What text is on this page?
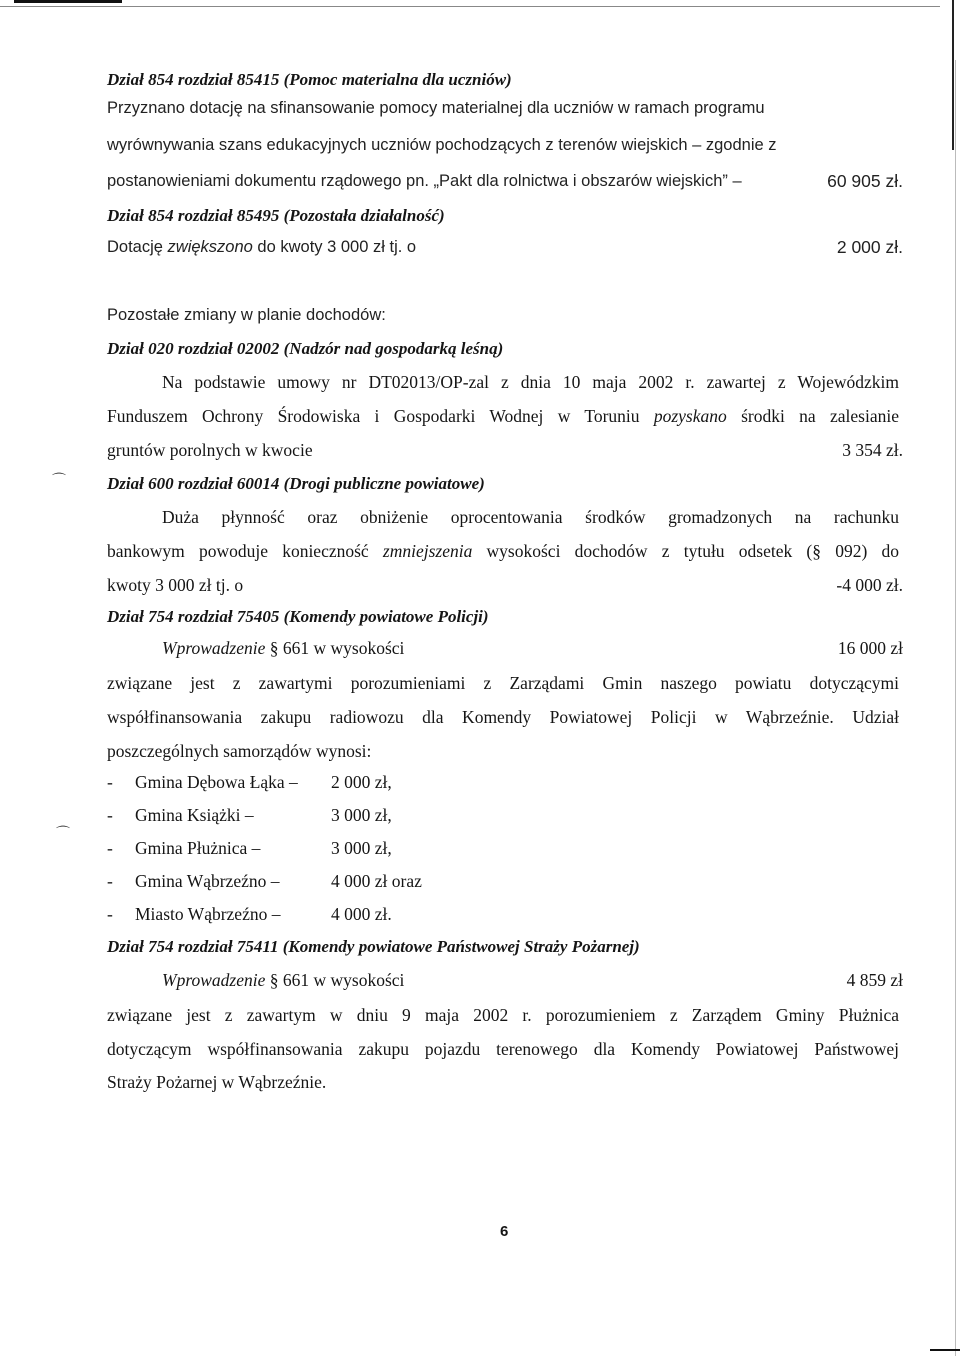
⌒
⌒
Dział 854 rozdział 85415 (Pomoc materialna dla uczniów)
Przyznano dotację na sfinansowanie pomocy materialnej dla uczniów w ramach programu
wyrównywania szans edukacyjnych uczniów pochodzących z terenów wiejskich – zgodnie z
postanowieniami dokumentu rządowego pn. „Pakt dla rolnictwa i obszarów wiejskich” –	60 905 zł.
Dział 854 rozdział 85495 (Pozostała działalność)
Dotację zwiększono do kwoty 3 000 zł tj. o	2 000 zł.
Pozostałe zmiany w planie dochodów:
Dział 020 rozdział 02002 (Nadzór nad gospodarką leśną)
Na podstawie umowy nr DT02013/OP-zal z dnia 10 maja 2002 r. zawartej z Wojewódzkim
Funduszem Ochrony Środowiska i Gospodarki Wodnej w Toruniu pozyskano środki na zalesianie
gruntów porolnych w kwocie	3 354 zł.
Dział 600 rozdział 60014 (Drogi publiczne powiatowe)
Duża płynność oraz obniżenie oprocentowania środków gromadzonych na rachunku
bankowym powoduje konieczność zmniejszenia wysokości dochodów z tytułu odsetek (§ 092) do
kwoty 3 000 zł tj. o	-4 000 zł.
Dział 754 rozdział 75405 (Komendy powiatowe Policji)
Wprowadzenie § 661 w wysokości	16 000 zł
związane jest z zawartymi porozumieniami z Zarządami Gmin naszego powiatu dotyczącymi
współfinansowania zakupu radiowozu dla Komendy Powiatowej Policji w Wąbrzeźnie. Udział
poszczególnych samorządów wynosi:
- Gmina Dębowa Łąka – 2 000 zł,
- Gmina Książki –	3 000 zł,
- Gmina Płużnica –	3 000 zł,
- Gmina Wąbrzeźno –	4 000 zł oraz
- Miasto Wąbrzeźno –	4 000 zł.
Dział 754 rozdział 75411 (Komendy powiatowe Państwowej Straży Pożarnej)
Wprowadzenie § 661 w wysokości	4 859 zł
związane jest z zawartym w dniu 9 maja 2002 r. porozumieniem z Zarządem Gminy Płużnica
dotyczącym współfinansowania zakupu pojazdu terenowego dla Komendy Powiatowej Państwowej
Straży Pożarnej w Wąbrzeźnie.
6
